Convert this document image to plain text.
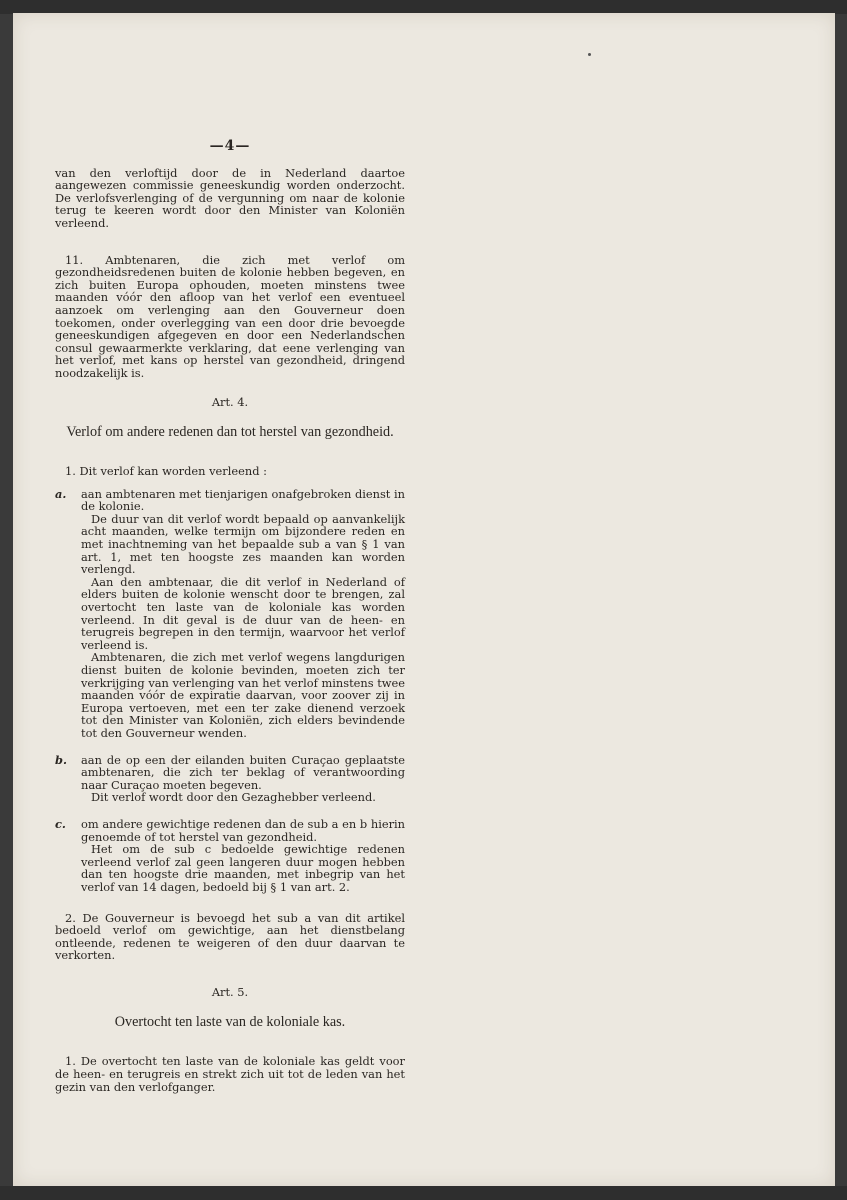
—4—

van den verloftijd door de in Nederland daartoe aangewezen commissie geneeskundig worden onderzocht. De verlofsverlenging of de vergunning om naar de kolonie terug te keeren wordt door den Minister van Koloniën verleend.

11. Ambtenaren, die zich met verlof om gezondheidsredenen buiten de kolonie hebben begeven, en zich buiten Europa ophouden, moeten minstens twee maanden vóór den afloop van het verlof een eventueel aanzoek om verlenging aan den Gouverneur doen toekomen, onder overlegging van een door drie bevoegde geneeskundigen afgegeven en door een Nederlandschen consul gewaarmerkte verklaring, dat eene verlenging van het verlof, met kans op herstel van gezondheid, dringend noodzakelijk is.

Art. 4.

Verlof om andere redenen dan tot herstel van gezondheid.

1. Dit verlof kan worden verleend :

a.	aan ambtenaren met tienjarigen onafgebroken dienst in de kolonie.

De duur van dit verlof wordt bepaald op aanvankelijk acht maanden, welke termijn om bijzondere reden en met inachtneming van het bepaalde sub a van § 1 van art. 1, met ten hoogste zes maanden kan worden verlengd.

Aan den ambtenaar, die dit verlof in Nederland of elders buiten de kolonie wenscht door te brengen, zal overtocht ten laste van de koloniale kas worden verleend. In dit geval is de duur van de heen- en terugreis begrepen in den termijn, waarvoor het verlof verleend is.

Ambtenaren, die zich met verlof wegens langdurigen dienst buiten de kolonie bevinden, moeten zich ter verkrijging van verlenging van het verlof minstens twee maanden vóór de expiratie daarvan, voor zoover zij in Europa vertoeven, met een ter zake dienend verzoek tot den Minister van Koloniën, zich elders bevindende tot den Gouverneur wenden.

b.	aan de op een der eilanden buiten Curaçao geplaatste ambtenaren, die zich ter beklag of verantwoording naar Curaçao moeten begeven.

Dit verlof wordt door den Gezaghebber verleend.

c.	om andere gewichtige redenen dan de sub a en b hierin genoemde of tot herstel van gezondheid.

Het om de sub c bedoelde gewichtige redenen verleend verlof zal geen langeren duur mogen hebben dan ten hoogste drie maanden, met inbegrip van het verlof van 14 dagen, bedoeld bij § 1 van art. 2.

2. De Gouverneur is bevoegd het sub a van dit artikel bedoeld verlof om gewichtige, aan het dienstbelang ontleende, redenen te weigeren of den duur daarvan te verkorten.

Art. 5.

Overtocht ten laste van de koloniale kas.

1. De overtocht ten laste van de koloniale kas geldt voor de heen- en terugreis en strekt zich uit tot de leden van het gezin van den verlofganger.
